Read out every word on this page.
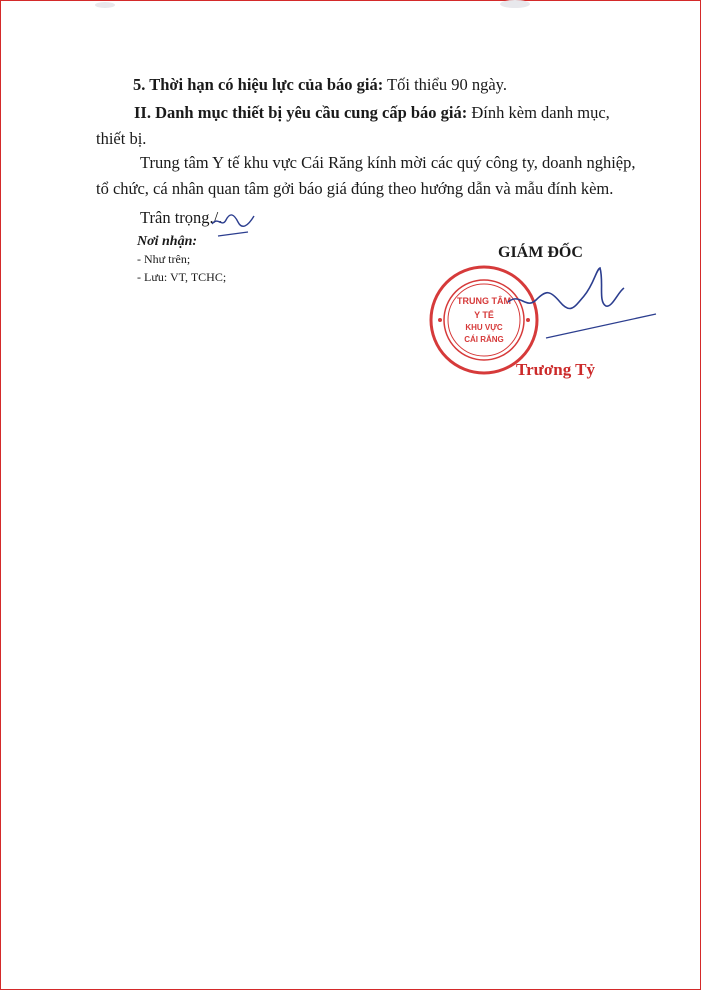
5. Thời hạn có hiệu lực của báo giá: Tối thiểu 90 ngày.

II. Danh mục thiết bị yêu cầu cung cấp báo giá: Đính kèm danh mục, thiết bị.

Trung tâm Y tế khu vực Cái Răng kính mời các quý công ty, doanh nghiệp, tổ chức, cá nhân quan tâm gởi báo giá đúng theo hướng dẫn và mẫu đính kèm.

Trân trọng./.

Nơi nhận:
- Như trên;
- Lưu: VT, TCHC;
GIÁM ĐỐC
TRUNG TÂM
Y TẾ
KHU VỰC
CÁI RĂNG
Trương Tỷ
